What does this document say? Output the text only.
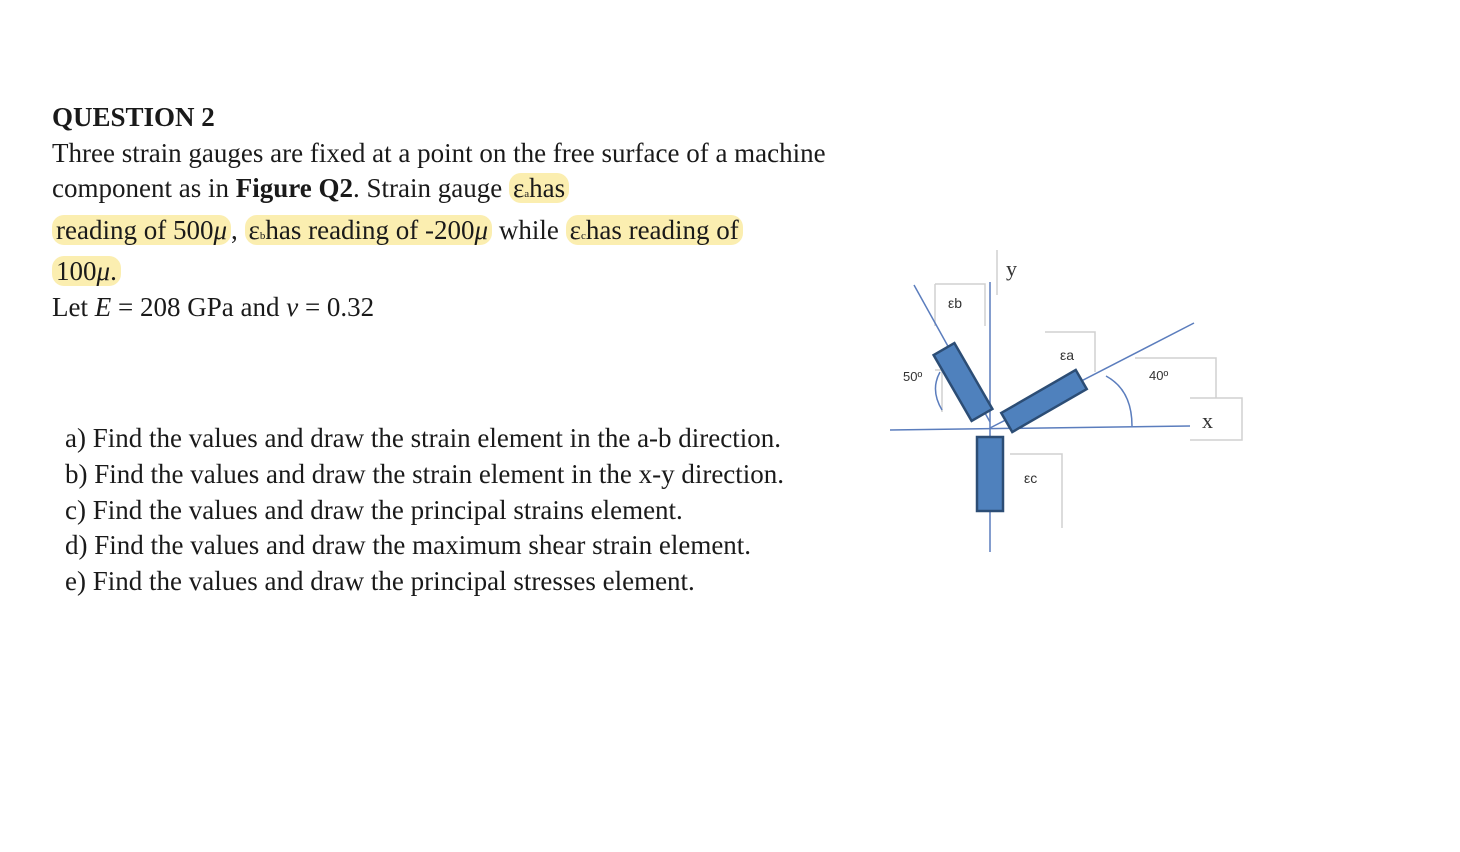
QUESTION 2

Three strain gauges are fixed at a point on the free surface of a machine component as in Figure Q2. Strain gauge εahas
reading of 500μ , εbhas reading of -200μ while εchas reading of
100μ.

Let E = 208 GPa and v = 0.32

a) Find the values and draw the strain element in the a-b direction.

b) Find the values and draw the strain element in the x-y direction.

c) Find the values and draw the principal strains element.

d) Find the values and draw the maximum shear strain element.

e) Find the values and draw the principal stresses element.

y
x
εb
εa
εc
50º	40º
